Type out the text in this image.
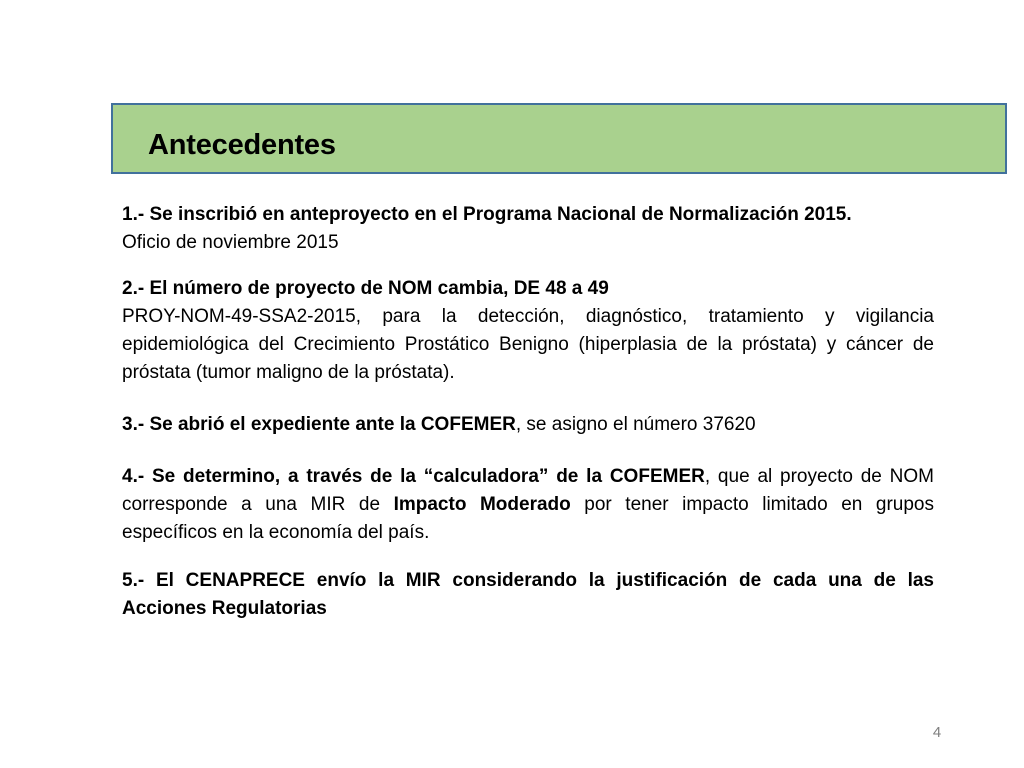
Antecedentes

1.- Se inscribió en anteproyecto en el Programa Nacional de Normalización 2015.
Oficio de noviembre 2015

2.- El número de proyecto de NOM cambia, DE 48 a 49
PROY-NOM-49-SSA2-2015, para la detección, diagnóstico, tratamiento y vigilancia epidemiológica del Crecimiento Prostático Benigno (hiperplasia de la próstata) y cáncer de próstata (tumor maligno de la próstata).

3.- Se abrió el expediente ante la COFEMER, se asigno el número 37620

4.- Se determino, a través de la “calculadora” de la COFEMER, que al proyecto de NOM corresponde a una MIR de Impacto Moderado por tener impacto limitado en grupos específicos en la economía del país.

5.- El CENAPRECE envío la MIR considerando la justificación de cada una de las Acciones Regulatorias

4
